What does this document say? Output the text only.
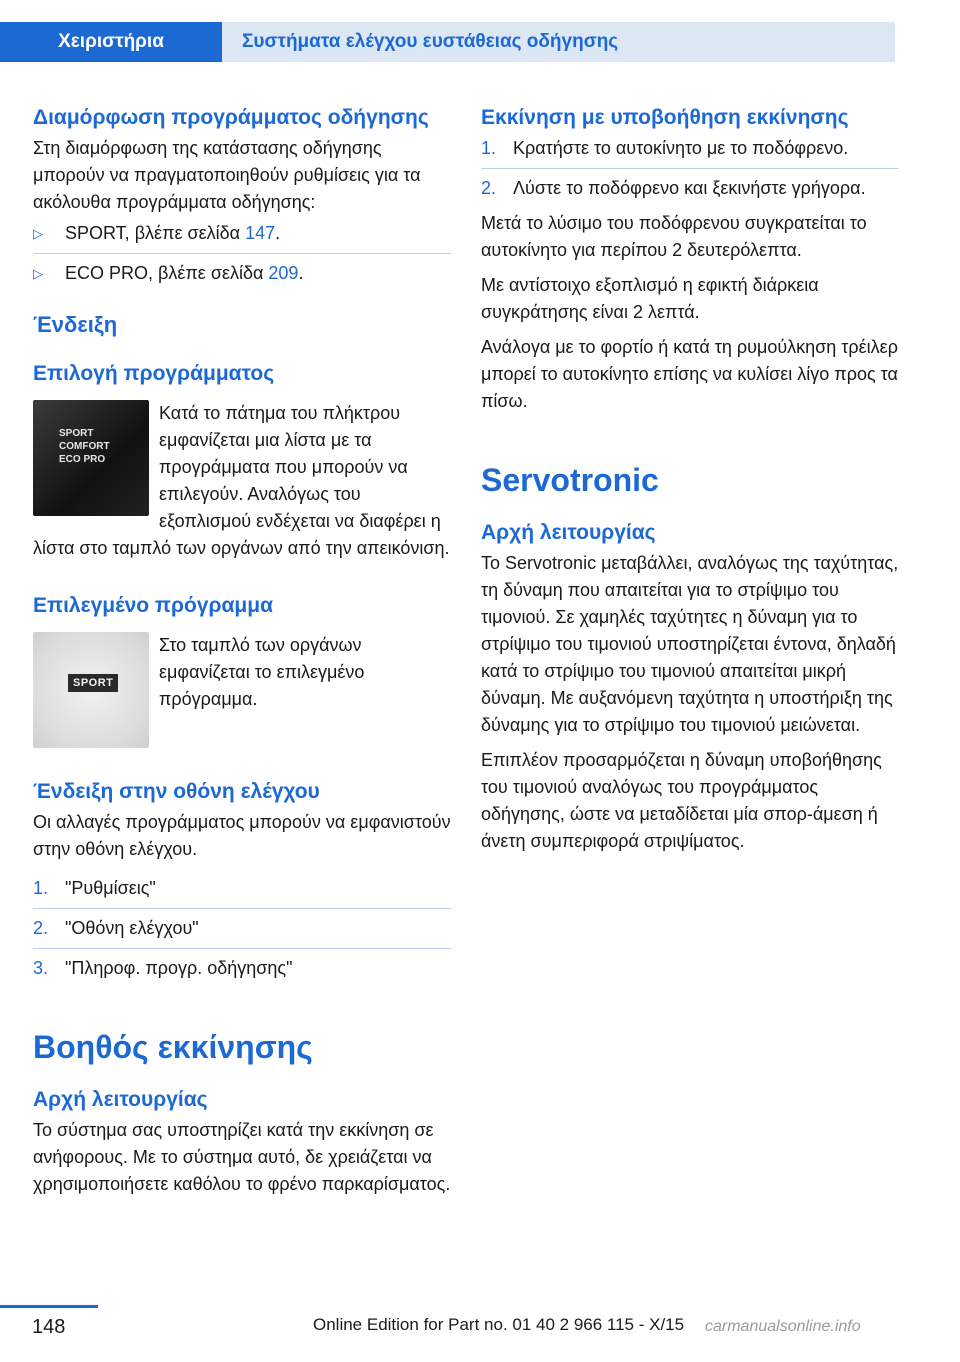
Χειριστήρια	Συστήματα ελέγχου ευστάθειας οδήγησης
Διαμόρφωση προγράμματος οδήγησης

Στη διαμόρφωση της κατάστασης οδήγησης μπορούν να πραγματοποιηθούν ρυθμίσεις για τα ακόλουθα προγράμματα οδήγησης:

▷	SPORT, βλέπε σελίδα 147.
▷	ECO PRO, βλέπε σελίδα 209.
Ένδειξη
Επιλογή προγράμματος
SPORT
COMFORT
ECO PRO

Κατά το πάτημα του πλήκτρου εμφανίζεται μια λίστα με τα προγράμματα που μπορούν να επιλεγούν. Αναλόγως του εξοπλισμού ενδέχεται να διαφέρει η λίστα στο ταμπλό των οργάνων από την απεικόνιση.

Επιλεγμένο πρόγραμμα
SPORT

Στο ταμπλό των οργάνων εμφανίζεται το επιλεγμένο πρόγραμμα.

Ένδειξη στην οθόνη ελέγχου

Οι αλλαγές προγράμματος μπορούν να εμφανιστούν στην οθόνη ελέγχου.

1. "Ρυθμίσεις"
2. "Οθόνη ελέγχου"
3. "Πληροφ. προγρ. οδήγησης"
Βοηθός εκκίνησης
Αρχή λειτουργίας

Το σύστημα σας υποστηρίζει κατά την εκκίνηση σε ανήφορους. Με το σύστημα αυτό, δε χρειάζεται να χρησιμοποιήσετε καθόλου το φρένο παρκαρίσματος.

Εκκίνηση με υποβοήθηση εκκίνησης
1. Κρατήστε το αυτοκίνητο με το ποδόφρενο.
2. Λύστε το ποδόφρενο και ξεκινήστε γρήγορα.

Μετά το λύσιμο του ποδόφρενου συγκρατείται το αυτοκίνητο για περίπου 2 δευτερόλεπτα.

Με αντίστοιχο εξοπλισμό η εφικτή διάρκεια συγκράτησης είναι 2 λεπτά.

Ανάλογα με το φορτίο ή κατά τη ρυμούλκηση τρέιλερ μπορεί το αυτοκίνητο επίσης να κυλίσει λίγο προς τα πίσω.

Servotronic
Αρχή λειτουργίας

Το Servotronic μεταβάλλει, αναλόγως της ταχύτητας, τη δύναμη που απαιτείται για το στρίψιμο του τιμονιού. Σε χαμηλές ταχύτητες η δύναμη για το στρίψιμο του τιμονιού υποστηρίζεται έντονα, δηλαδή κατά το στρίψιμο του τιμονιού απαιτείται μικρή δύναμη. Με αυξανόμενη ταχύτητα η υποστήριξη της δύναμης για το στρίψιμο του τιμονιού μειώνεται.

Επιπλέον προσαρμόζεται η δύναμη υποβοήθησης του τιμονιού αναλόγως του προγράμματος οδήγησης, ώστε να μεταδίδεται μία σπορ-άμεση ή άνετη συμπεριφορά στριψίματος.

148	Online Edition for Part no. 01 40 2 966 115 - X/15 carmanualsonline.info
